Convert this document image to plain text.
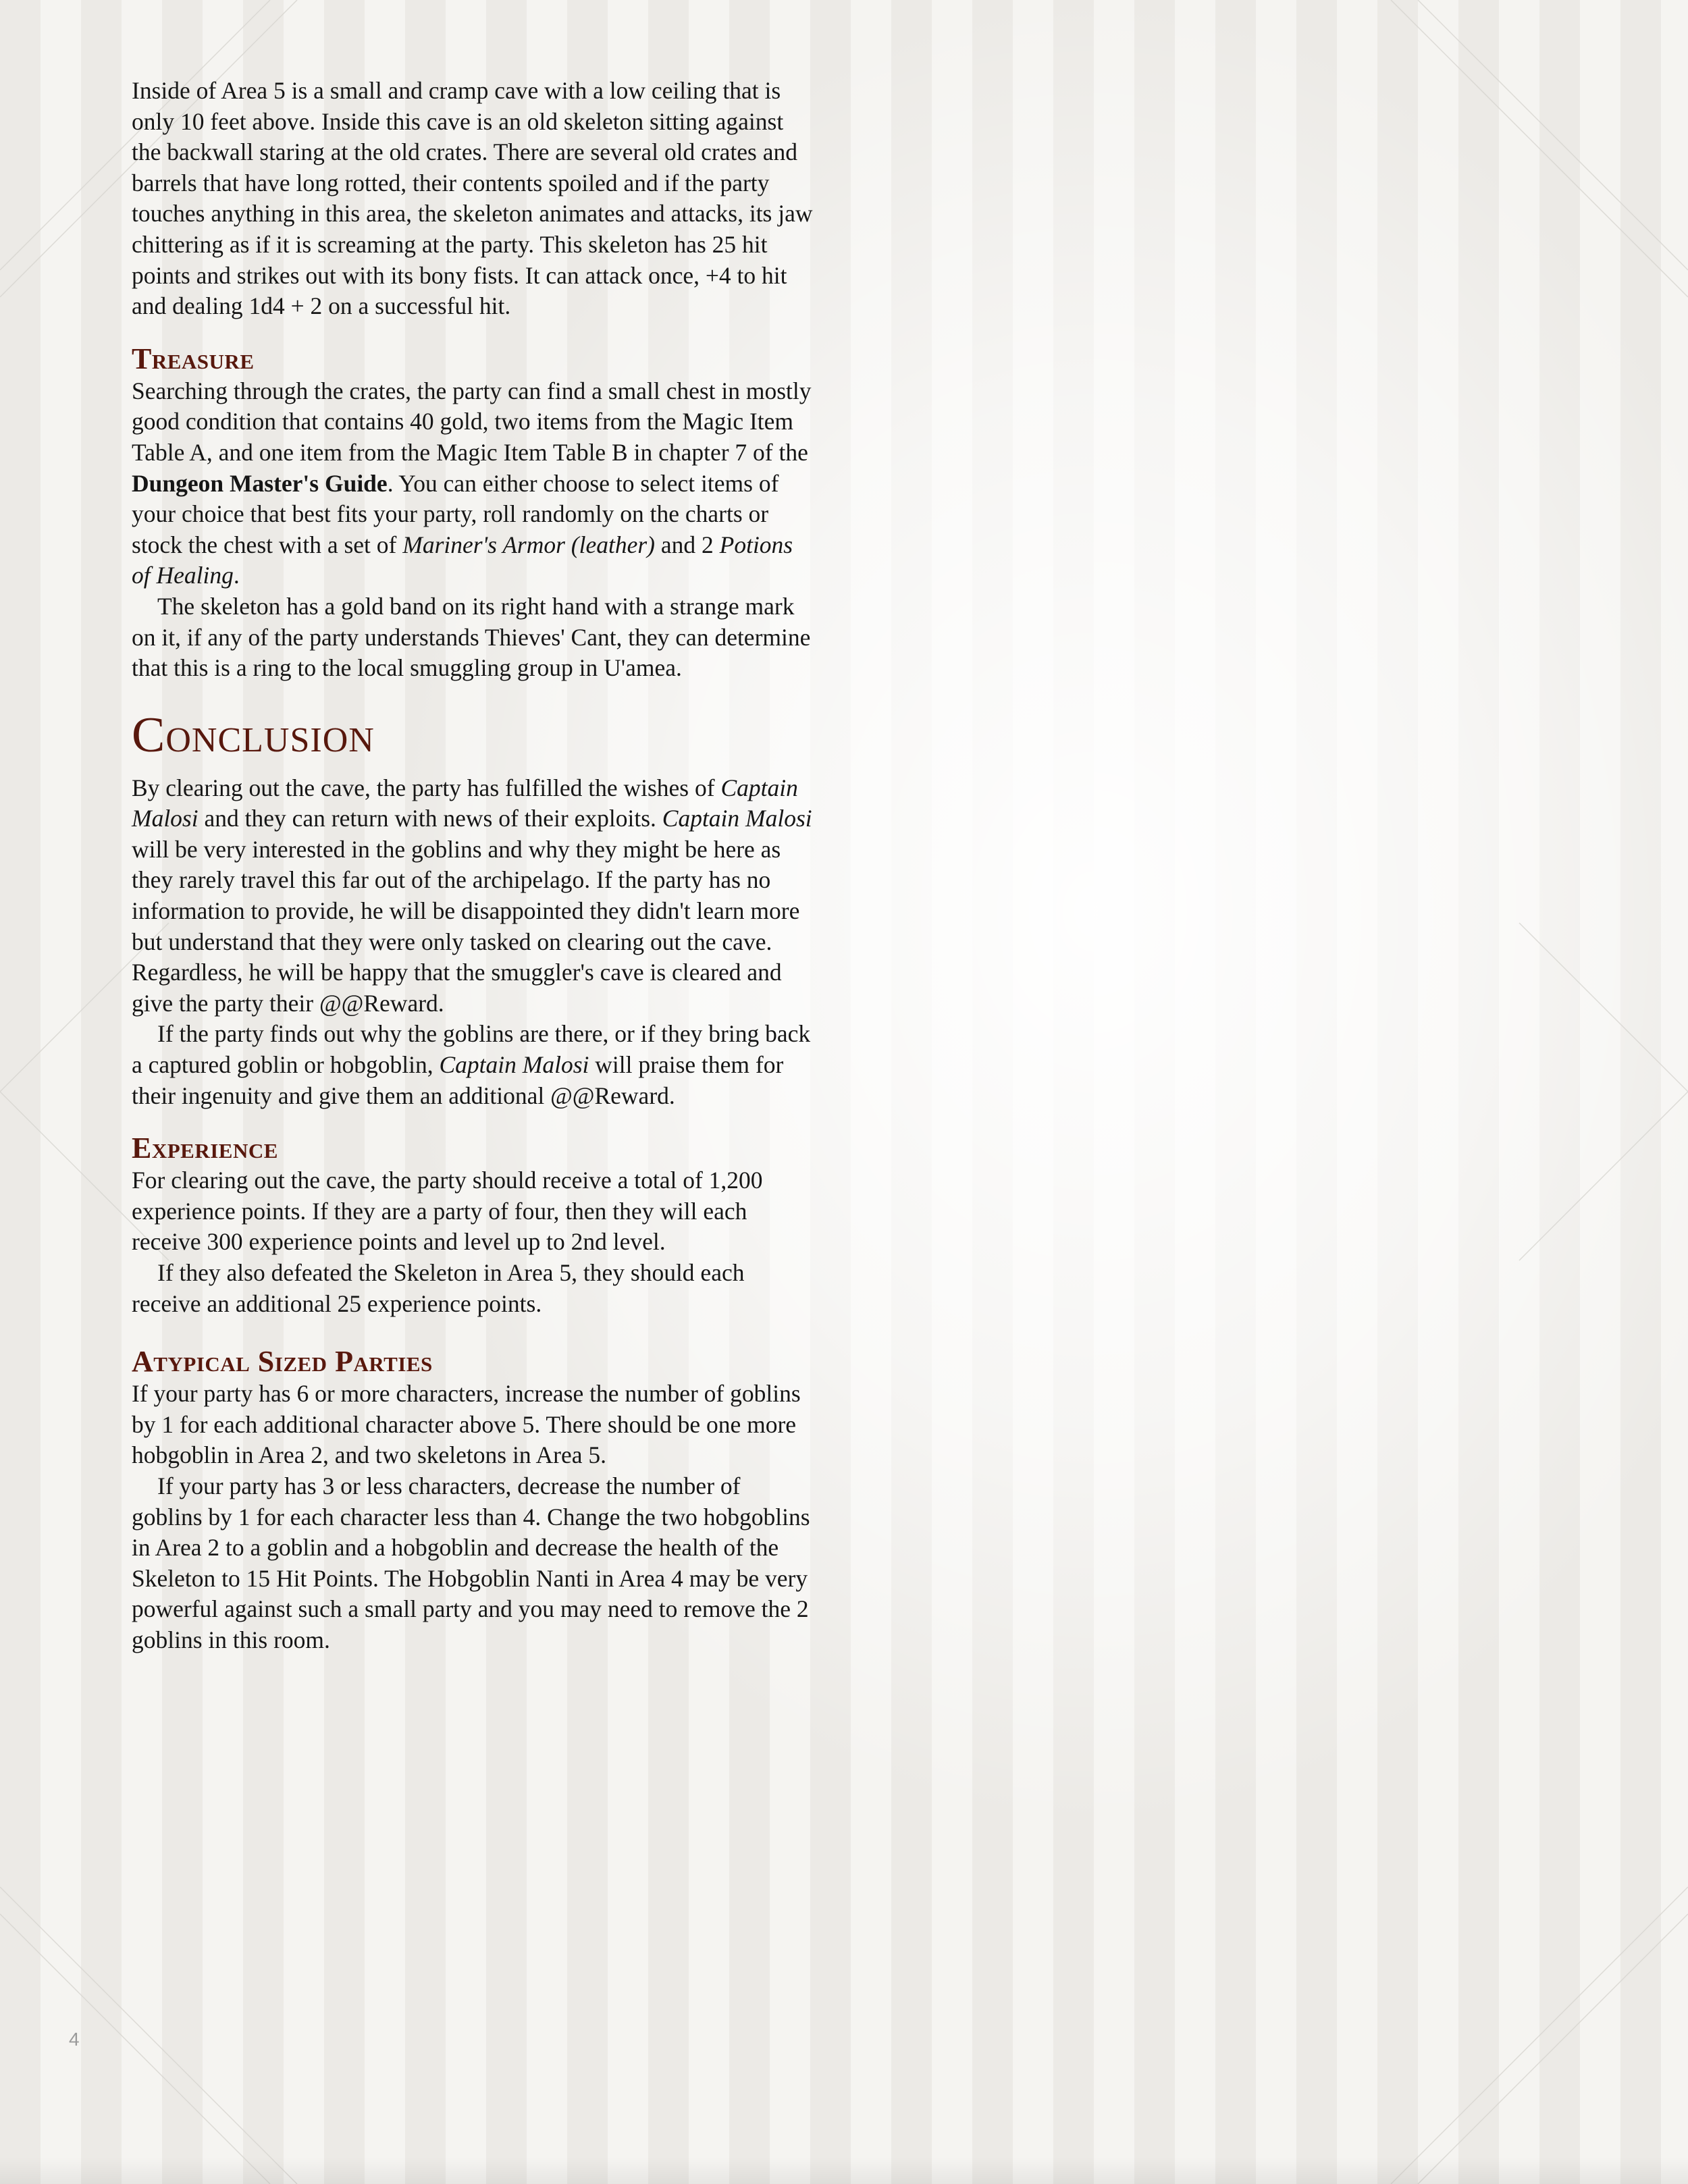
Inside of Area 5 is a small and cramp cave with a low ceiling that is only 10 feet above. Inside this cave is an old skeleton sitting against the backwall staring at the old crates. There are several old crates and barrels that have long rotted, their contents spoiled and if the party touches anything in this area, the skeleton animates and attacks, its jaw chittering as if it is screaming at the party. This skeleton has 25 hit points and strikes out with its bony fists. It can attack once, +4 to hit and dealing 1d4 + 2 on a successful hit.

Treasure

Searching through the crates, the party can find a small chest in mostly good condition that contains 40 gold, two items from the Magic Item Table A, and one item from the Magic Item Table B in chapter 7 of the Dungeon Master's Guide. You can either choose to select items of your choice that best fits your party, roll randomly on the charts or stock the chest with a set of Mariner's Armor (leather) and 2 Potions of Healing.

The skeleton has a gold band on its right hand with a strange mark on it, if any of the party understands Thieves' Cant, they can determine that this is a ring to the local smuggling group in U'amea.

Conclusion

By clearing out the cave, the party has fulfilled the wishes of Captain Malosi and they can return with news of their exploits. Captain Malosi will be very interested in the goblins and why they might be here as they rarely travel this far out of the archipelago. If the party has no information to provide, he will be disappointed they didn't learn more but understand that they were only tasked on clearing out the cave. Regardless, he will be happy that the smuggler's cave is cleared and give the party their @@Reward.

If the party finds out why the goblins are there, or if they bring back a captured goblin or hobgoblin, Captain Malosi will praise them for their ingenuity and give them an additional @@Reward.

Experience

For clearing out the cave, the party should receive a total of 1,200 experience points. If they are a party of four, then they will each receive 300 experience points and level up to 2nd level.

If they also defeated the Skeleton in Area 5, they should each receive an additional 25 experience points.

Atypical Sized Parties

If your party has 6 or more characters, increase the number of goblins by 1 for each additional character above 5. There should be one more hobgoblin in Area 2, and two skeletons in Area 5.

If your party has 3 or less characters, decrease the number of goblins by 1 for each character less than 4. Change the two hobgoblins in Area 2 to a goblin and a hobgoblin and decrease the health of the Skeleton to 15 Hit Points. The Hobgoblin Nanti in Area 4 may be very powerful against such a small party and you may need to remove the 2 goblins in this room.

4
